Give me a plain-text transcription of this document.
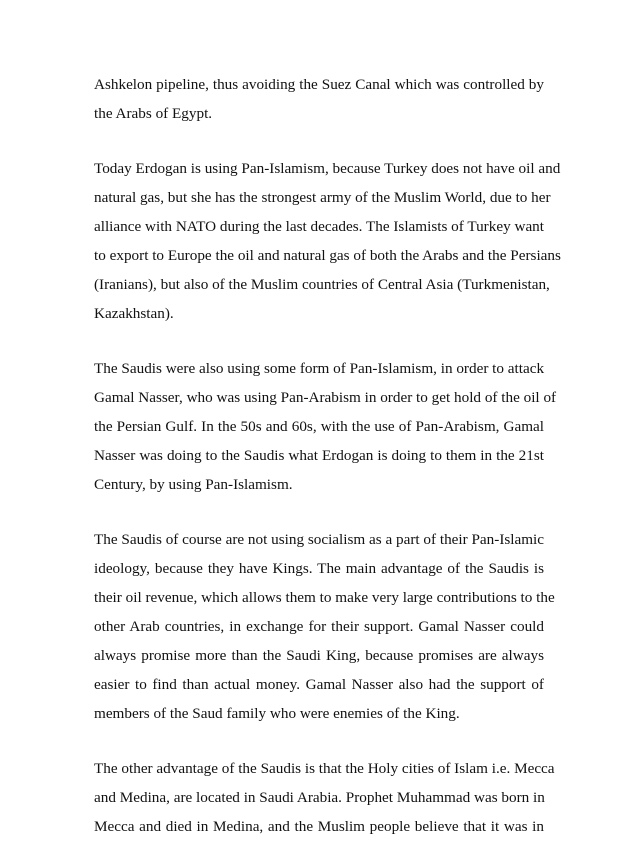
Ashkelon pipeline, thus avoiding the Suez Canal which was controlled by
the Arabs of Egypt.

Today Erdogan is using Pan-Islamism, because Turkey does not have oil and
natural gas, but she has the strongest army of the Muslim World, due to her
alliance with NATO during the last decades. The Islamists of Turkey want
to export to Europe the oil and natural gas of both the Arabs and the Persians
(Iranians), but also of the Muslim countries of Central Asia (Turkmenistan,
Kazakhstan).

The Saudis were also using some form of Pan-Islamism, in order to attack
Gamal Nasser, who was using Pan-Arabism in order to get hold of the oil of
the Persian Gulf. In the 50s and 60s, with the use of Pan-Arabism, Gamal
Nasser was doing to the Saudis what Erdogan is doing to them in the 21st
Century, by using Pan-Islamism.

The Saudis of course are not using socialism as a part of their Pan-Islamic
ideology, because they have Kings. The main advantage of the Saudis is
their oil revenue, which allows them to make very large contributions to the
other Arab countries, in exchange for their support. Gamal Nasser could
always promise more than the Saudi King, because promises are always
easier to find than actual money. Gamal Nasser also had the support of
members of the Saud family who were enemies of the King.

The other advantage of the Saudis is that the Holy cities of Islam i.e. Mecca
and Medina, are located in Saudi Arabia. Prophet Muhammad was born in
Mecca and died in Medina, and the Muslim people believe that it was in
